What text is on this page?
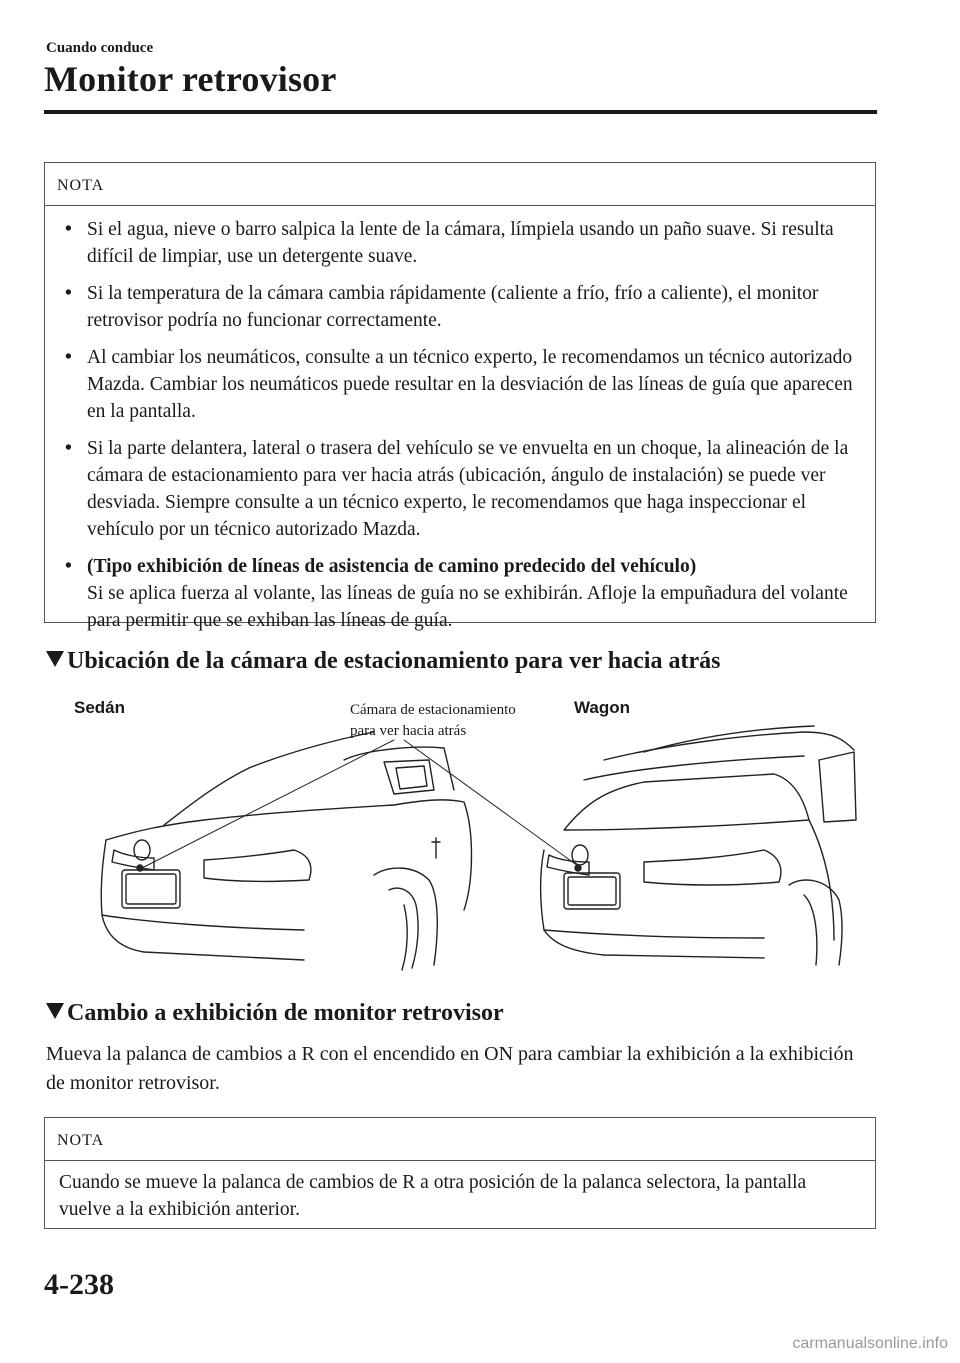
Cuando conduce
Monitor retrovisor
NOTA
• Si el agua, nieve o barro salpica la lente de la cámara, límpiela usando un paño suave. Si resulta difícil de limpiar, use un detergente suave.
• Si la temperatura de la cámara cambia rápidamente (caliente a frío, frío a caliente), el monitor retrovisor podría no funcionar correctamente.
• Al cambiar los neumáticos, consulte a un técnico experto, le recomendamos un técnico autorizado Mazda. Cambiar los neumáticos puede resultar en la desviación de las líneas de guía que aparecen en la pantalla.
• Si la parte delantera, lateral o trasera del vehículo se ve envuelta en un choque, la alineación de la cámara de estacionamiento para ver hacia atrás (ubicación, ángulo de instalación) se puede ver desviada. Siempre consulte a un técnico experto, le recomendamos que haga inspeccionar el vehículo por un técnico autorizado Mazda.
• (Tipo exhibición de líneas de asistencia de camino predecido del vehículo)
Si se aplica fuerza al volante, las líneas de guía no se exhibirán. Afloje la empuñadura del volante para permitir que se exhiban las líneas de guía.
Ubicación de la cámara de estacionamiento para ver hacia atrás
Sedán	Cámara de estacionamiento
para ver hacia atrás
Wagon
Cambio a exhibición de monitor retrovisor
Mueva la palanca de cambios a R con el encendido en ON para cambiar la exhibición a la exhibición de monitor retrovisor.
NOTA
Cuando se mueve la palanca de cambios de R a otra posición de la palanca selectora, la pantalla vuelve a la exhibición anterior.
4-238
carmanualsonline.info
